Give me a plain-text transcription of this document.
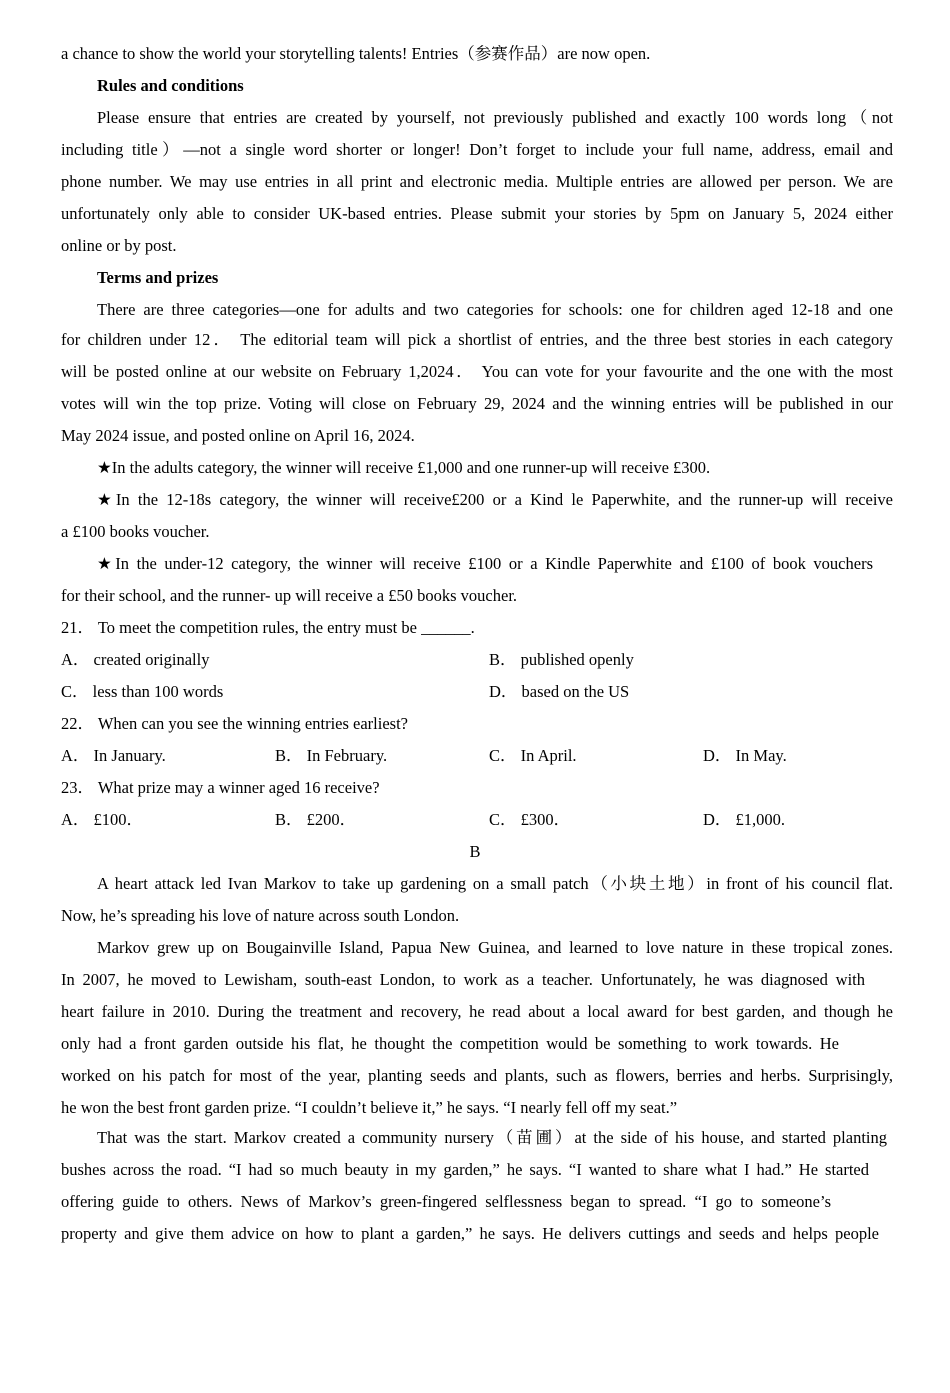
a chance to show the world your storytelling talents! Entries（参赛作品）are now open.
Rules and conditions
Please ensure that entries are created by yourself, not previously published and exactly 100 words long（not
including title）—not a single word shorter or longer! Don’t forget to include your full name, address, email and
phone number. We may use entries in all print and electronic media. Multiple entries are allowed per person. We are
unfortunately only able to consider UK-based entries. Please submit your stories by 5pm on January 5, 2024 either
online or by post.
Terms and prizes
There are three categories—one for adults and two categories for schools: one for children aged 12-18 and one
for children under 12． The editorial team will pick a shortlist of entries, and the three best stories in each category
will be posted online at our website on February 1,2024． You can vote for your favourite and the one with the most
votes will win the top prize. Voting will close on February 29, 2024 and the winning entries will be published in our
May 2024 issue, and posted online on April 16, 2024.
★In the adults category, the winner will receive £1,000 and one runner-up will receive £300.
★In the 12-18s category, the winner will receive£200 or a Kind le Paperwhite, and the runner-up will receive
a £100 books voucher.
★In the under-12 category, the winner will receive £100 or a Kindle Paperwhite and £100 of book vouchers
for their school, and the runner- up will receive a £50 books voucher.
21． To meet the competition rules, the entry must be ______.
A． created originally	B． published openly
C． less than 100 words	D． based on the US
22． When can you see the winning entries earliest?
A． In January.	B． In February.	C． In April.	D． In May.
23． What prize may a winner aged 16 receive?
A． £100．	B． £200．	C． £300．	D． £1,000.
B
A heart attack led Ivan Markov to take up gardening on a small patch（小块土地）in front of his council flat.
Now, he’s spreading his love of nature across south London.
Markov grew up on Bougainville Island, Papua New Guinea, and learned to love nature in these tropical zones.
In 2007, he moved to Lewisham, south-east London, to work as a teacher. Unfortunately, he was diagnosed with
heart failure in 2010. During the treatment and recovery, he read about a local award for best garden, and though he
only had a front garden outside his flat, he thought the competition would be something to work towards. He
worked on his patch for most of the year, planting seeds and plants, such as flowers, berries and herbs. Surprisingly,
he won the best front garden prize. “I couldn’t believe it,” he says. “I nearly fell off my seat.”
That was the start. Markov created a community nursery（苗圃）at the side of his house, and started planting
bushes across the road. “I had so much beauty in my garden,” he says. “I wanted to share what I had.” He started
offering guide to others. News of Markov’s green-fingered selflessness began to spread. “I go to someone’s
property and give them advice on how to plant a garden,” he says. He delivers cuttings and seeds and helps people
